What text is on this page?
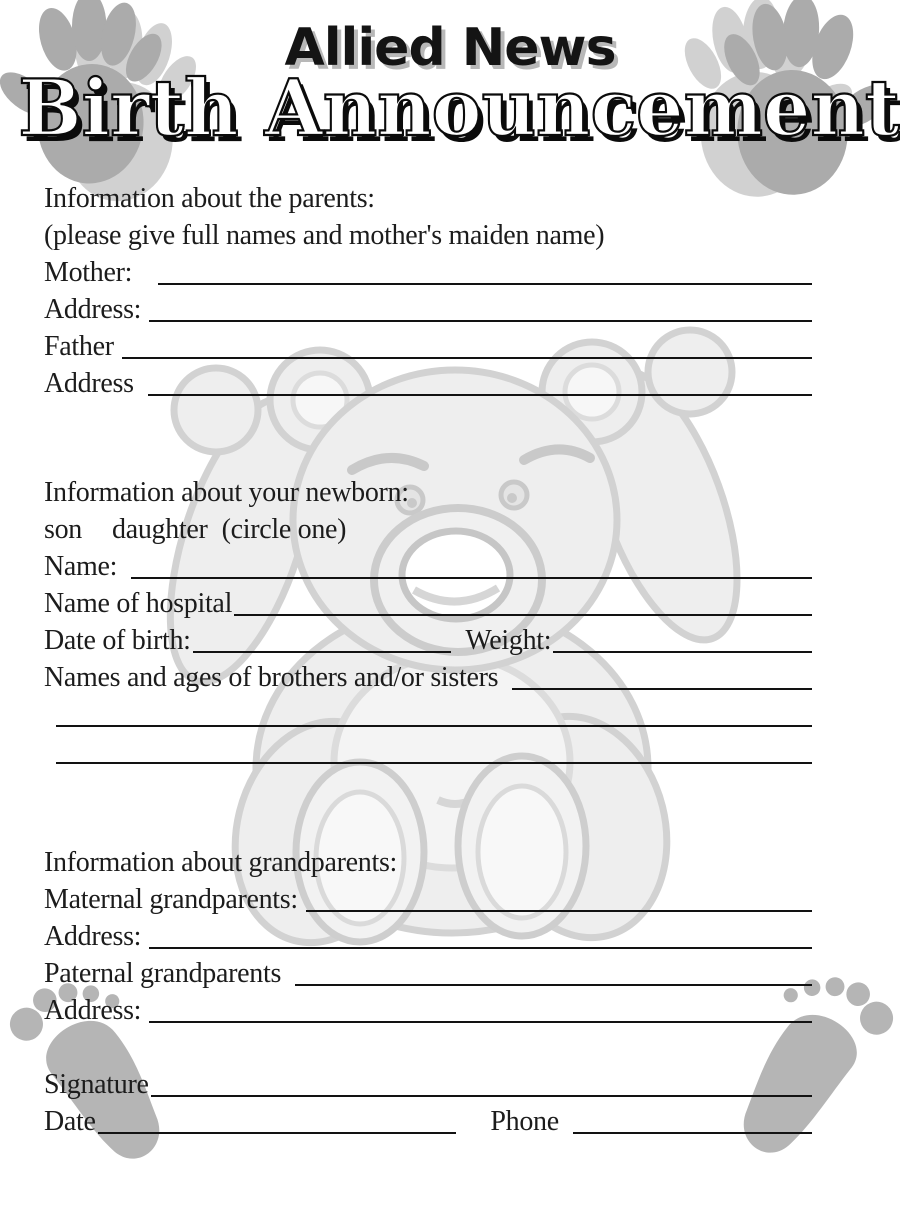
Allied News
Birth Announcement
Information about the parents:
(please give full names and mother's maiden name)
Mother:
Address:
Father
Address
Information about your newborn:
son daughter (circle one)
Name:
Name of hospital
Date of birth:	Weight:
Names and ages of brothers and/or sisters
Information about grandparents:
Maternal grandparents:
Address:
Paternal grandparents
Address:
Signature
Date	Phone
